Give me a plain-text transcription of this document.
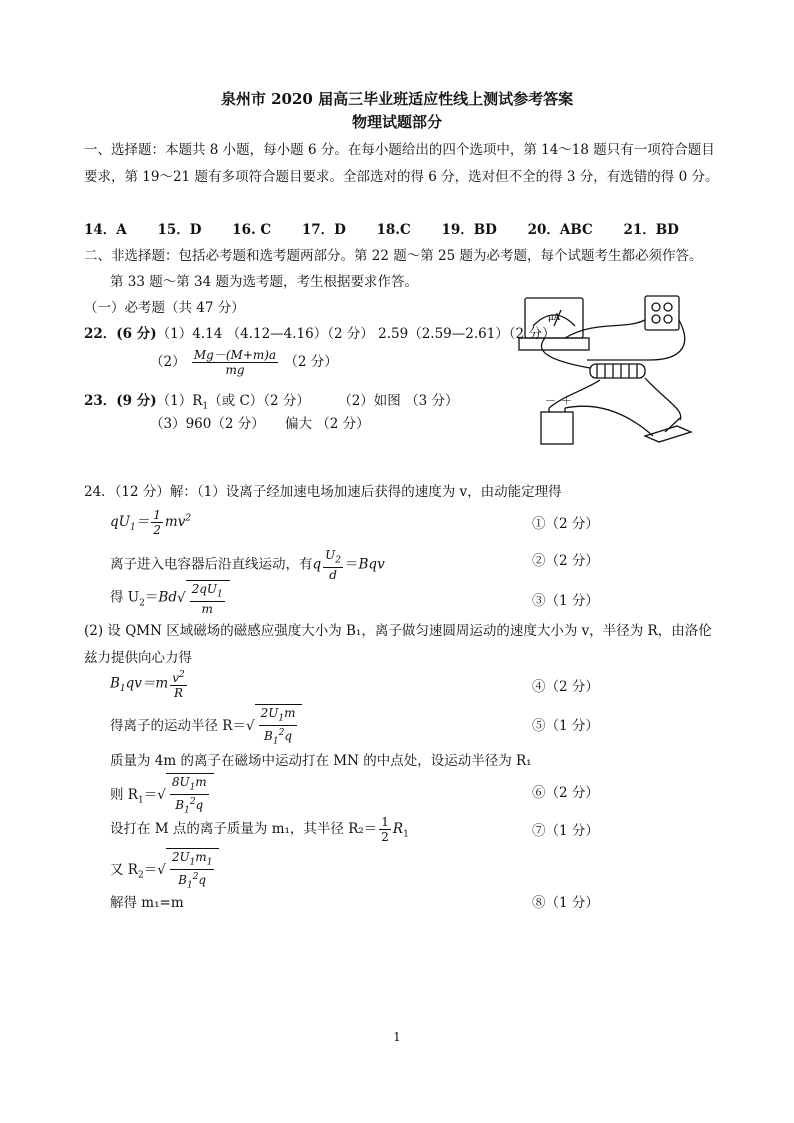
泉州市 2020 届高三毕业班适应性线上测试参考答案
物理试题部分
一、选择题：本题共 8 小题，每小题 6 分。在每小题给出的四个选项中，第 14～18 题只有一项符合题目要求，第 19～21 题有多项符合题目要求。全部选对的得 6 分，选对但不全的得 3 分，有选错的得 0 分。
14．A 15．D 16. C 17．D 18.C 19．BD 20．ABC 21．BD
二、非选择题：包括必考题和选考题两部分。第 22 题～第 25 题为必考题，每个试题考生都必须作答。
第 33 题～第 34 题为选考题，考生根据要求作答。
（一）必考题（共 47 分）
22．(6 分)（1）4.14 （4.12—4.16）（2 分） 2.59（2.59—2.61）（2 分）
$(2) \frac{Mg-(M+m)a}{mg} (2$ 分）
23．(9 分)$(1)R_1$（或 C）（2 分） （2）如图 （3 分）
（3）960（2 分）　　偏大 （2 分）
μA
－ ＋
24．（12 分）解：（1）设离子经加速电场加速后获得的速度为 v，由动能定理得
$qU_1= \frac{1}{2} mv^2$	①（2 分）
离子进入电容器后沿直线运动，有q $\frac{U_2}{d} =Bqv$	②（2 分）
得 $U_2=Bd$ √ $\frac{2qU_1}{m}$	③（1 分）
(2) 设 QMN 区域磁场的磁感应强度大小为 B₁，离子做匀速圆周运动的速度大小为 v，半径为 R，由洛伦兹力提供向心力得
$B_1qv=m \frac{v^2}{R}$	④（2 分）
得离子的运动半径 R＝ √ $\frac{2U_1m}{B_1^2q}$	⑤（1 分）
质量为 4m 的离子在磁场中运动打在 MN 的中点处，设运动半径为 R₁
则 $R_1=$ √ $\frac{8U_1m}{B_1^2q}$	⑥（2 分）
设打在 M 点的离子质量为 m₁，其半径 $R_2= \frac{1}{2} R_1$	⑦（1 分）
又 $R_2=$ √ $\frac{2U_1m_1}{B_1^2q}$
解得 m₁=m	⑧（1 分）
1
